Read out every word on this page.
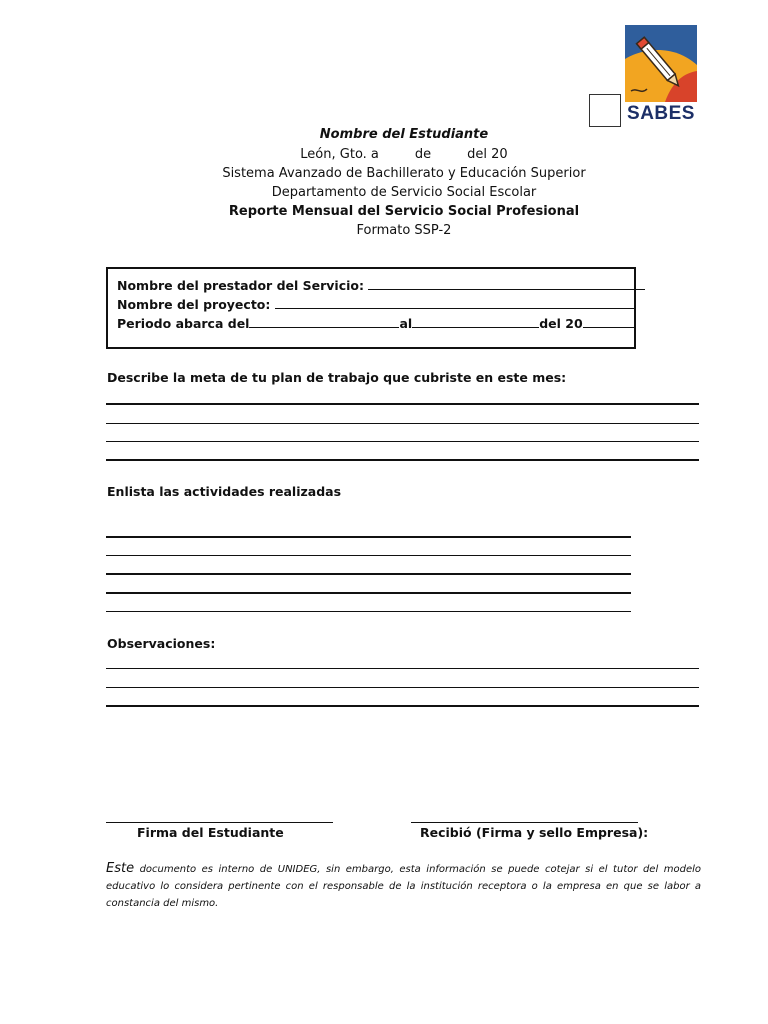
SABES
Nombre del Estudiante
León, Gto. a	de	del 20
Sistema Avanzado de Bachillerato y Educación Superior
Departamento de Servicio Social Escolar
Reporte Mensual del Servicio Social Profesional
Formato SSP-2
Nombre del prestador del Servicio:
Nombre del proyecto:
Periodo abarca del	al	del 20
Describe la meta de tu plan de trabajo que cubriste en este mes:
Enlista las actividades realizadas
Observaciones:
Firma del Estudiante	Recibió (Firma y sello Empresa):
Este documento es interno de UNIDEG, sin embargo, esta información se puede cotejar si el tutor del modelo educativo lo considera pertinente con el responsable de la institución receptora o la empresa en que se labor a constancia del mismo.
